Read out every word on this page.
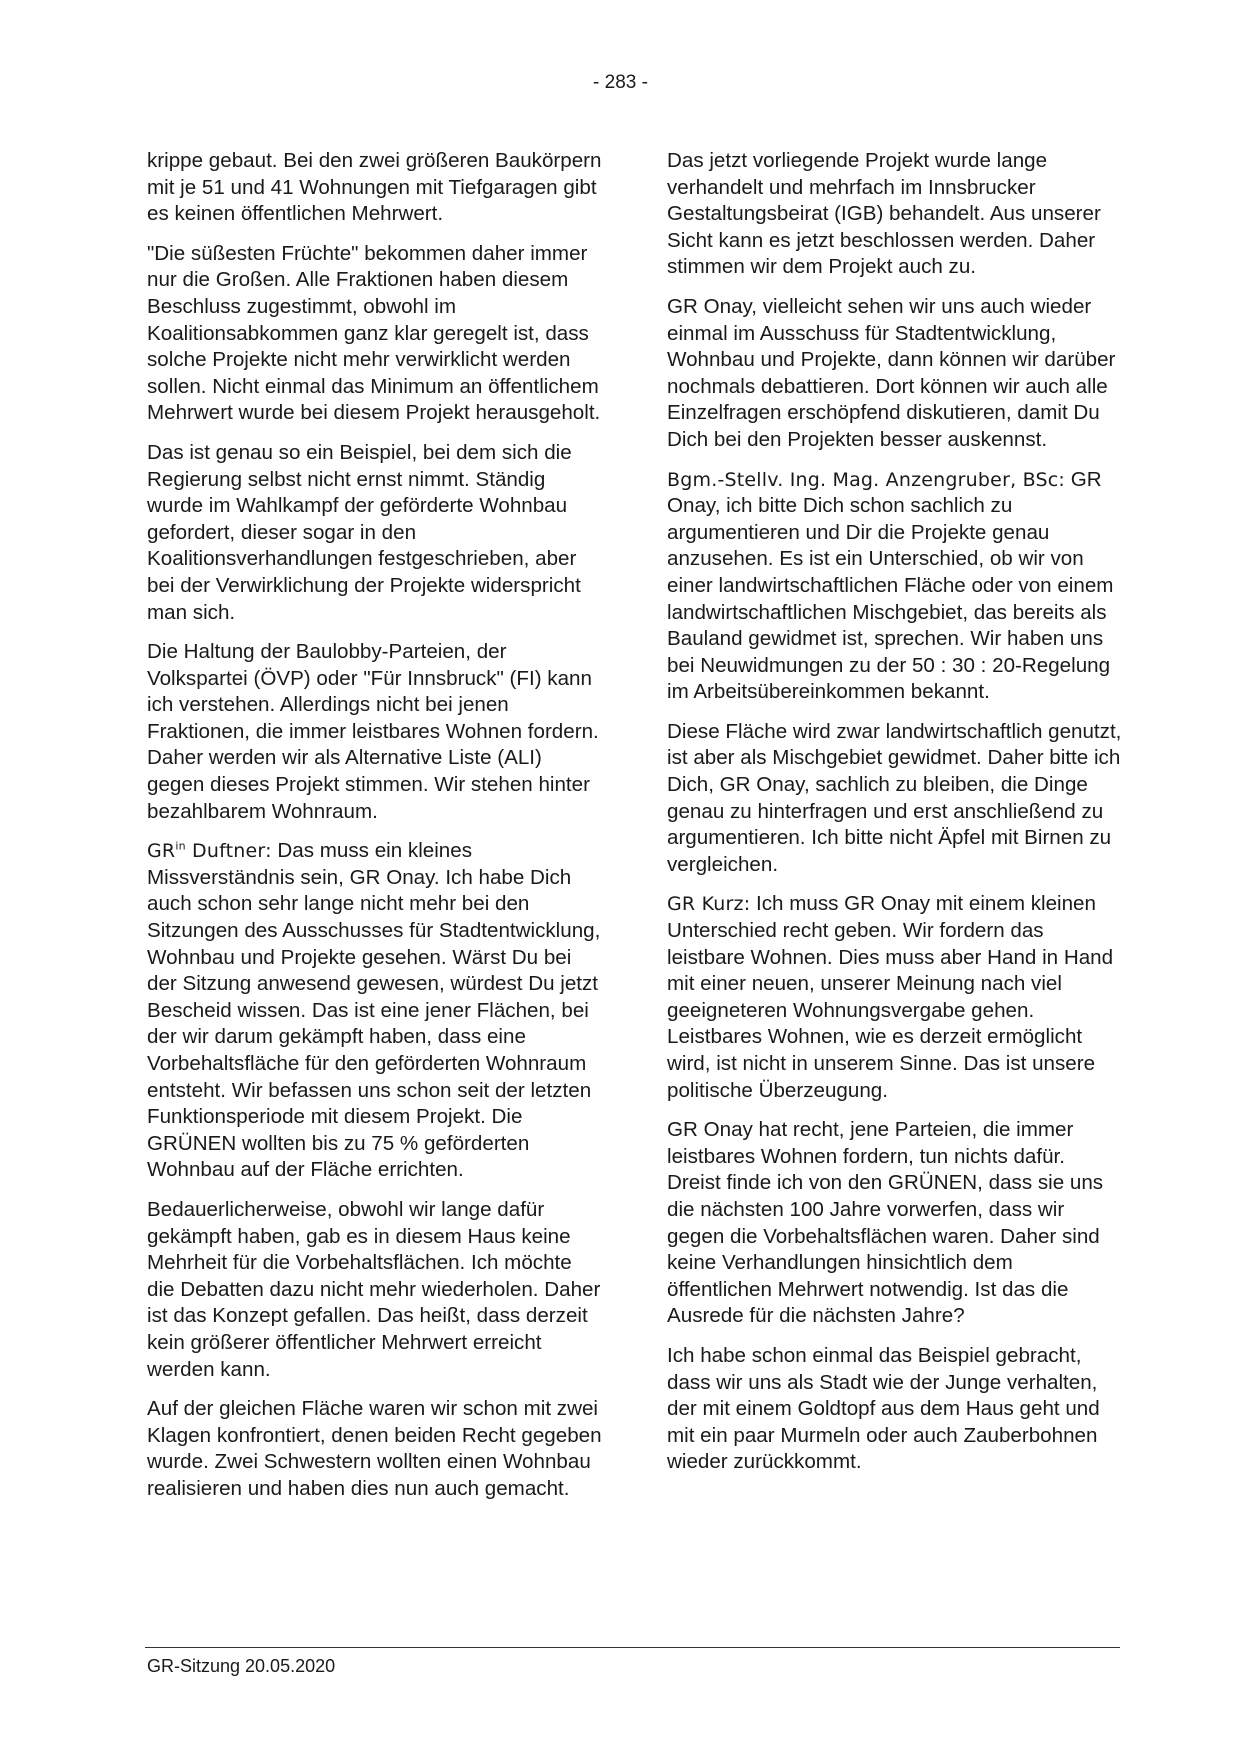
- 283 -

krippe gebaut. Bei den zwei größeren Baukörpern mit je 51 und 41 Wohnungen mit Tiefgaragen gibt es keinen öffentlichen Mehrwert.

"Die süßesten Früchte" bekommen daher immer nur die Großen. Alle Fraktionen haben diesem Beschluss zugestimmt, obwohl im Koalitionsabkommen ganz klar geregelt ist, dass solche Projekte nicht mehr verwirklicht werden sollen. Nicht einmal das Minimum an öffentlichem Mehrwert wurde bei diesem Projekt herausgeholt.

Das ist genau so ein Beispiel, bei dem sich die Regierung selbst nicht ernst nimmt. Ständig wurde im Wahlkampf der geförderte Wohnbau gefordert, dieser sogar in den Koalitionsverhandlungen festgeschrieben, aber bei der Verwirklichung der Projekte widerspricht man sich.

Die Haltung der Baulobby-Parteien, der Volkspartei (ÖVP) oder "Für Innsbruck" (FI) kann ich verstehen. Allerdings nicht bei jenen Fraktionen, die immer leistbares Wohnen fordern. Daher werden wir als Alternative Liste (ALI) gegen dieses Projekt stimmen. Wir stehen hinter bezahlbarem Wohnraum.

$GR^{in}$ Duftner: Das muss ein kleines Missverständnis sein, GR Onay. Ich habe Dich auch schon sehr lange nicht mehr bei den Sitzungen des Ausschusses für Stadtentwicklung, Wohnbau und Projekte gesehen. Wärst Du bei der Sitzung anwesend gewesen, würdest Du jetzt Bescheid wissen. Das ist eine jener Flächen, bei der wir darum gekämpft haben, dass eine Vorbehaltsfläche für den geförderten Wohnraum entsteht. Wir befassen uns schon seit der letzten Funktionsperiode mit diesem Projekt. Die GRÜNEN wollten bis zu 75 % geförderten Wohnbau auf der Fläche errichten.

Bedauerlicherweise, obwohl wir lange dafür gekämpft haben, gab es in diesem Haus keine Mehrheit für die Vorbehaltsflächen. Ich möchte die Debatten dazu nicht mehr wiederholen. Daher ist das Konzept gefallen. Das heißt, dass derzeit kein größerer öffentlicher Mehrwert erreicht werden kann.

Auf der gleichen Fläche waren wir schon mit zwei Klagen konfrontiert, denen beiden Recht gegeben wurde. Zwei Schwestern wollten einen Wohnbau realisieren und haben dies nun auch gemacht.

Das jetzt vorliegende Projekt wurde lange verhandelt und mehrfach im Innsbrucker Gestaltungsbeirat (IGB) behandelt. Aus unserer Sicht kann es jetzt beschlossen werden. Daher stimmen wir dem Projekt auch zu.

GR Onay, vielleicht sehen wir uns auch wieder einmal im Ausschuss für Stadtentwicklung, Wohnbau und Projekte, dann können wir darüber nochmals debattieren. Dort können wir auch alle Einzelfragen erschöpfend diskutieren, damit Du Dich bei den Projekten besser auskennst.

Bgm.-Stellv. Ing. Mag. Anzengruber, BSc: GR Onay, ich bitte Dich schon sachlich zu argumentieren und Dir die Projekte genau anzusehen. Es ist ein Unterschied, ob wir von einer landwirtschaftlichen Fläche oder von einem landwirtschaftlichen Mischgebiet, das bereits als Bauland gewidmet ist, sprechen. Wir haben uns bei Neuwidmungen zu der 50 : 30 : 20-Regelung im Arbeitsübereinkommen bekannt.

Diese Fläche wird zwar landwirtschaftlich genutzt, ist aber als Mischgebiet gewidmet. Daher bitte ich Dich, GR Onay, sachlich zu bleiben, die Dinge genau zu hinterfragen und erst anschließend zu argumentieren. Ich bitte nicht Äpfel mit Birnen zu vergleichen.

GR Kurz: Ich muss GR Onay mit einem kleinen Unterschied recht geben. Wir fordern das leistbare Wohnen. Dies muss aber Hand in Hand mit einer neuen, unserer Meinung nach viel geeigneteren Wohnungsvergabe gehen. Leistbares Wohnen, wie es derzeit ermöglicht wird, ist nicht in unserem Sinne. Das ist unsere politische Überzeugung.

GR Onay hat recht, jene Parteien, die immer leistbares Wohnen fordern, tun nichts dafür. Dreist finde ich von den GRÜNEN, dass sie uns die nächsten 100 Jahre vorwerfen, dass wir gegen die Vorbehaltsflächen waren. Daher sind keine Verhandlungen hinsichtlich dem öffentlichen Mehrwert notwendig. Ist das die Ausrede für die nächsten Jahre?

Ich habe schon einmal das Beispiel gebracht, dass wir uns als Stadt wie der Junge verhalten, der mit einem Goldtopf aus dem Haus geht und mit ein paar Murmeln oder auch Zauberbohnen wieder zurückkommt.

GR-Sitzung 20.05.2020
